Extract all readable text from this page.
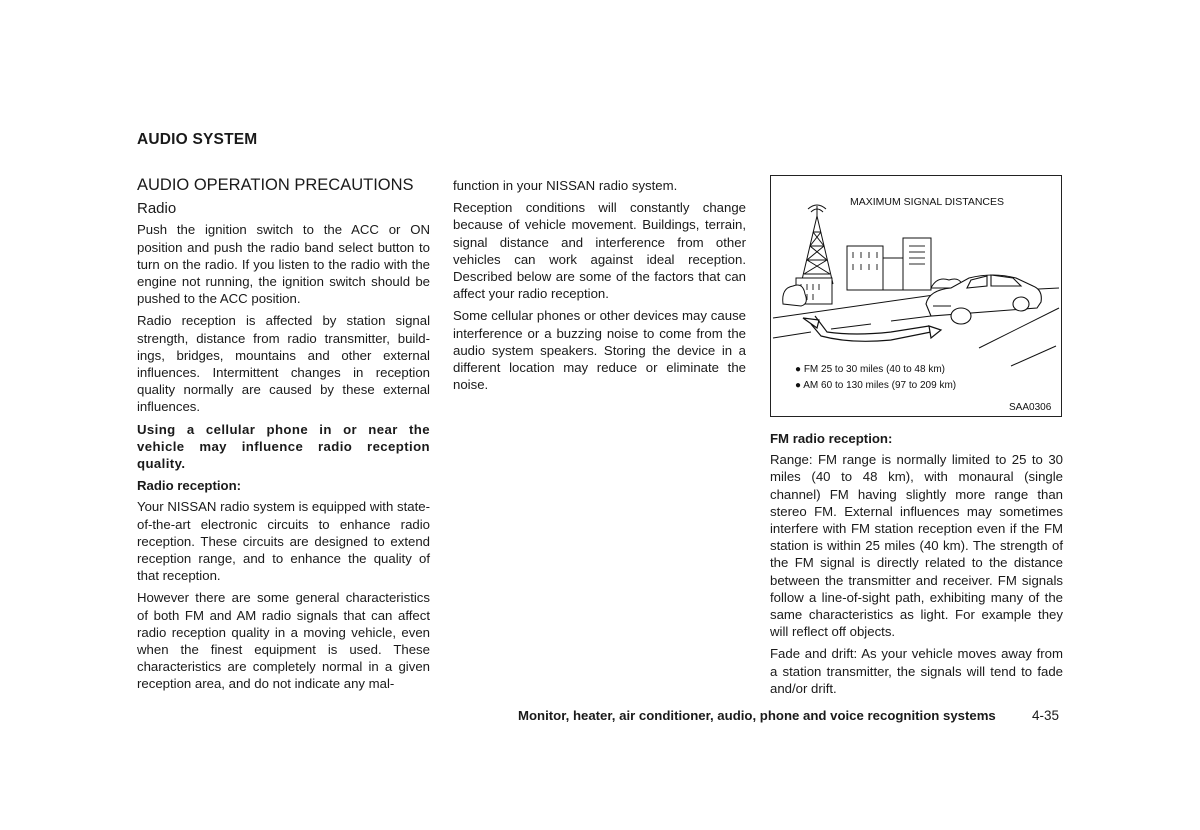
AUDIO SYSTEM
AUDIO OPERATION PRECAUTIONS
Radio

Push the ignition switch to the ACC or ON position and push the radio band select button to turn on the radio. If you listen to the radio with the engine not running, the ignition switch should be pushed to the ACC position.

Radio reception is affected by station signal strength, distance from radio transmitter, build-ings, bridges, mountains and other external influences. Intermittent changes in reception quality normally are caused by these external influences.

Using a cellular phone in or near the vehicle may influence radio reception quality.

Radio reception:

Your NISSAN radio system is equipped with state-of-the-art electronic circuits to enhance radio reception. These circuits are designed to extend reception range, and to enhance the quality of that reception.

However there are some general characteristics of both FM and AM radio signals that can affect radio reception quality in a moving vehicle, even when the finest equipment is used. These characteristics are completely normal in a given reception area, and do not indicate any mal-

function in your NISSAN radio system.

Reception conditions will constantly change because of vehicle movement. Buildings, terrain, signal distance and interference from other vehicles can work against ideal reception. Described below are some of the factors that can affect your radio reception.

Some cellular phones or other devices may cause interference or a buzzing noise to come from the audio system speakers. Storing the device in a different location may reduce or eliminate the noise.

MAXIMUM SIGNAL DISTANCES
● FM 25 to 30 miles (40 to 48 km)
● AM 60 to 130 miles (97 to 209 km)
SAA0306
FM radio reception:

Range: FM range is normally limited to 25 to 30 miles (40 to 48 km), with monaural (single channel) FM having slightly more range than stereo FM. External influences may sometimes interfere with FM station reception even if the FM station is within 25 miles (40 km). The strength of the FM signal is directly related to the distance between the transmitter and receiver. FM signals follow a line-of-sight path, exhibiting many of the same characteristics as light. For example they will reflect off objects.

Fade and drift: As your vehicle moves away from a station transmitter, the signals will tend to fade and/or drift.

Monitor, heater, air conditioner, audio, phone and voice recognition systems	4-35
